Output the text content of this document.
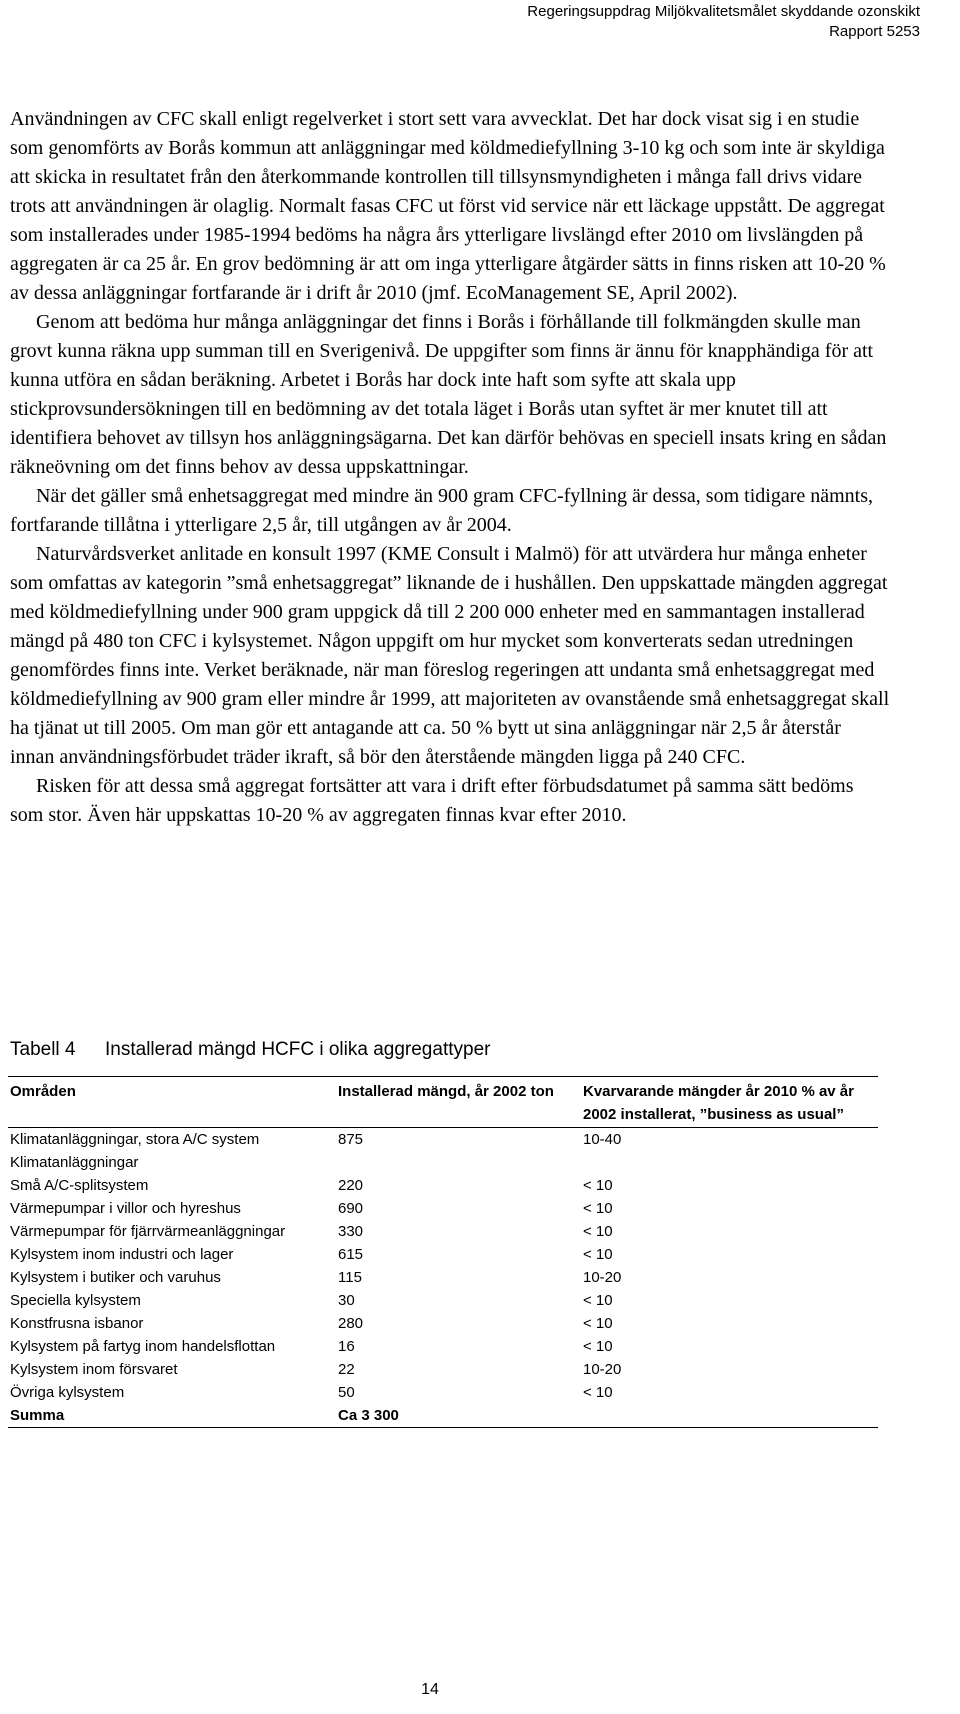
Regeringsuppdrag Miljökvalitetsmålet skyddande ozonskikt
Rapport 5253

Användningen av CFC skall enligt regelverket i stort sett vara avvecklat. Det har dock visat sig i en studie som genomförts av Borås kommun att anläggningar med köldmediefyllning 3-10 kg och som inte är skyldiga att skicka in resultatet från den återkommande kontrollen till tillsynsmyndigheten i många fall drivs vidare trots att användningen är olaglig. Normalt fasas CFC ut först vid service när ett läckage uppstått. De aggregat som installerades under 1985-1994 bedöms ha några års ytterligare livslängd efter 2010 om livslängden på aggregaten är ca 25 år. En grov bedömning är att om inga ytterligare åtgärder sätts in finns risken att 10-20 % av dessa anläggningar fortfarande är i drift år 2010 (jmf. EcoManagement SE, April 2002).

Genom att bedöma hur många anläggningar det finns i Borås i förhållande till folkmängden skulle man grovt kunna räkna upp summan till en Sverigenivå. De uppgifter som finns är ännu för knapphändiga för att kunna utföra en sådan beräkning. Arbetet i Borås har dock inte haft som syfte att skala upp stickprovsundersökningen till en bedömning av det totala läget i Borås utan syftet är mer knutet till att identifiera behovet av tillsyn hos anläggningsägarna. Det kan därför behövas en speciell insats kring en sådan räkneövning om det finns behov av dessa uppskattningar.

När det gäller små enhetsaggregat med mindre än 900 gram CFC-fyllning är dessa, som tidigare nämnts, fortfarande tillåtna i ytterligare 2,5 år, till utgången av år 2004.

Naturvårdsverket anlitade en konsult 1997 (KME Consult i Malmö) för att utvärdera hur många enheter som omfattas av kategorin ”små enhetsaggregat” liknande de i hushållen. Den uppskattade mängden aggregat med köldmediefyllning under 900 gram uppgick då till 2 200 000 enheter med en sammantagen installerad mängd på 480 ton CFC i kylsystemet. Någon uppgift om hur mycket som konverterats sedan utredningen genomfördes finns inte. Verket beräknade, när man föreslog regeringen att undanta små enhetsaggregat med köldmediefyllning av 900 gram eller mindre år 1999, att majoriteten av ovanstående små enhetsaggregat skall ha tjänat ut till 2005. Om man gör ett antagande att ca. 50 % bytt ut sina anläggningar när 2,5 år återstår innan användningsförbudet träder ikraft, så bör den återstående mängden ligga på 240 CFC.

Risken för att dessa små aggregat fortsätter att vara i drift efter förbudsdatumet på samma sätt bedöms som stor. Även här uppskattas 10-20 % av aggregaten finnas kvar efter 2010.

Tabell 4 Installerad mängd HCFC i olika aggregattyper
Områden	Installerad mängd, år 2002 ton	Kvarvarande mängder år 2010 % av år 2002 installerat, ”business as usual”
Klimatanläggningar, stora A/C system	875	10-40
Klimatanläggningar		
Små A/C-splitsystem	220	< 10
Värmepumpar i villor och hyreshus	690	< 10
Värmepumpar för fjärrvärmeanläggningar	330	< 10
Kylsystem inom industri och lager	615	< 10
Kylsystem i butiker och varuhus	115	10-20
Speciella kylsystem	30	< 10
Konstfrusna isbanor	280	< 10
Kylsystem på fartyg inom handelsflottan	16	< 10
Kylsystem inom försvaret	22	10-20
Övriga kylsystem	50	< 10
Summa	Ca 3 300	
14
